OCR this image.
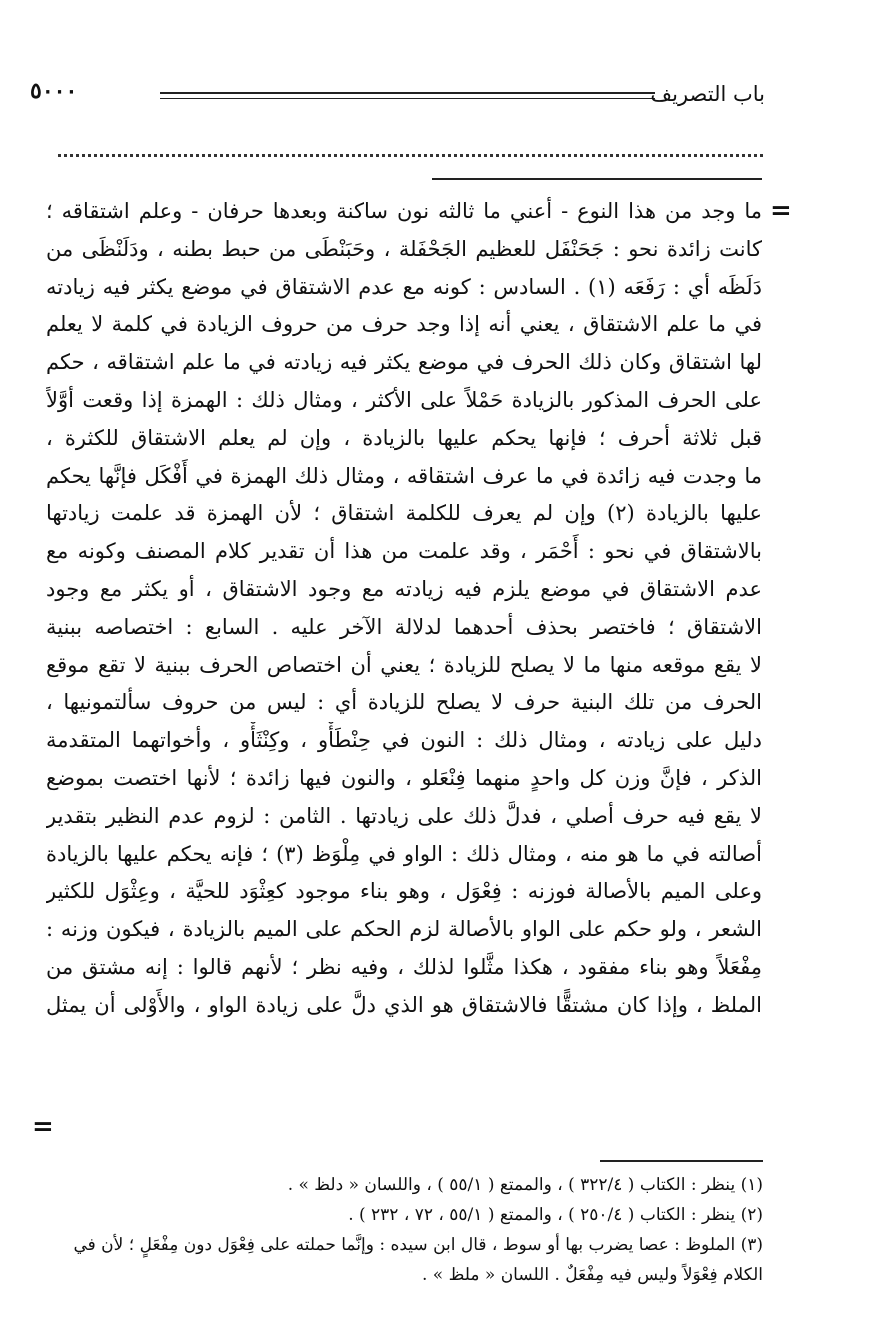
٥٠٠٠	باب التصريف
=
ما وجد من هذا النوع - أعني ما ثالثه نون ساكنة وبعدها حرفان - وعلم اشتقاقه ؛
كانت زائدة نحو : جَحَنْفَل للعظيم الجَحْفَلة ، وحَبَنْطَى من حبط بطنه ، ودَلَنْظَى من
دَلَظَه أي : رَفَعَه (١) . السادس : كونه مع عدم الاشتقاق في موضع يكثر فيه زيادته
في ما علم الاشتقاق ، يعني أنه إذا وجد حرف من حروف الزيادة في كلمة لا يعلم
لها اشتقاق وكان ذلك الحرف في موضع يكثر فيه زيادته في ما علم اشتقاقه ، حكم
على الحرف المذكور بالزيادة حَمْلاً على الأكثر ، ومثال ذلك : الهمزة إذا وقعت أوَّلاً
قبل ثلاثة أحرف ؛ فإنها يحكم عليها بالزيادة ، وإن لم يعلم الاشتقاق للكثرة ،
ما وجدت فيه زائدة في ما عرف اشتقاقه ، ومثال ذلك الهمزة في أَفْكَل فإنَّها يحكم
عليها بالزيادة (٢) وإن لم يعرف للكلمة اشتقاق ؛ لأن الهمزة قد علمت زيادتها
بالاشتقاق في نحو : أَحْمَر ، وقد علمت من هذا أن تقدير كلام المصنف وكونه مع
عدم الاشتقاق في موضع يلزم فيه زيادته مع وجود الاشتقاق ، أو يكثر مع وجود
الاشتقاق ؛ فاختصر بحذف أحدهما لدلالة الآخر عليه . السابع : اختصاصه ببنية
لا يقع موقعه منها ما لا يصلح للزيادة ؛ يعني أن اختصاص الحرف ببنية لا تقع موقع
الحرف من تلك البنية حرف لا يصلح للزيادة أي : ليس من حروف سألتمونيها ،
دليل على زيادته ، ومثال ذلك : النون في حِنْطَأْو ، وكِنْثَأْو ، وأخواتهما المتقدمة
الذكر ، فإنَّ وزن كل واحدٍ منهما فِنْعَلو ، والنون فيها زائدة ؛ لأنها اختصت بموضع
لا يقع فيه حرف أصلي ، فدلَّ ذلك على زيادتها . الثامن : لزوم عدم النظير بتقدير
أصالته في ما هو منه ، ومثال ذلك : الواو في مِلْوَظ (٣) ؛ فإنه يحكم عليها بالزيادة
وعلى الميم بالأصالة فوزنه : فِعْوَل ، وهو بناء موجود كعِثْوَد للحيَّة ، وعِثْوَل للكثير
الشعر ، ولو حكم على الواو بالأصالة لزم الحكم على الميم بالزيادة ، فيكون وزنه :
مِفْعَلاً وهو بناء مفقود ، هكذا مثَّلوا لذلك ، وفيه نظر ؛ لأنهم قالوا : إنه مشتق من
الملظ ، وإذا كان مشتقًّا فالاشتقاق هو الذي دلَّ على زيادة الواو ، والأَوْلى أن يمثل
=
(١) ينظر : الكتاب ( ٣٢٢/٤ ) ، والممتع ( ٥٥/١ ) ، واللسان « دلظ » .
(٢) ينظر : الكتاب ( ٢٥٠/٤ ) ، والممتع ( ٥٥/١ ، ٧٢ ، ٢٣٢ ) .
(٣) الملوظ : عصا يضرب بها أو سوط ، قال ابن سيده : وإنَّما حملته على فِعْوَل دون مِفْعَلٍ ؛ لأن في
الكلام فِعْوَلاً وليس فيه مِفْعَلٌ . اللسان « ملظ » .
